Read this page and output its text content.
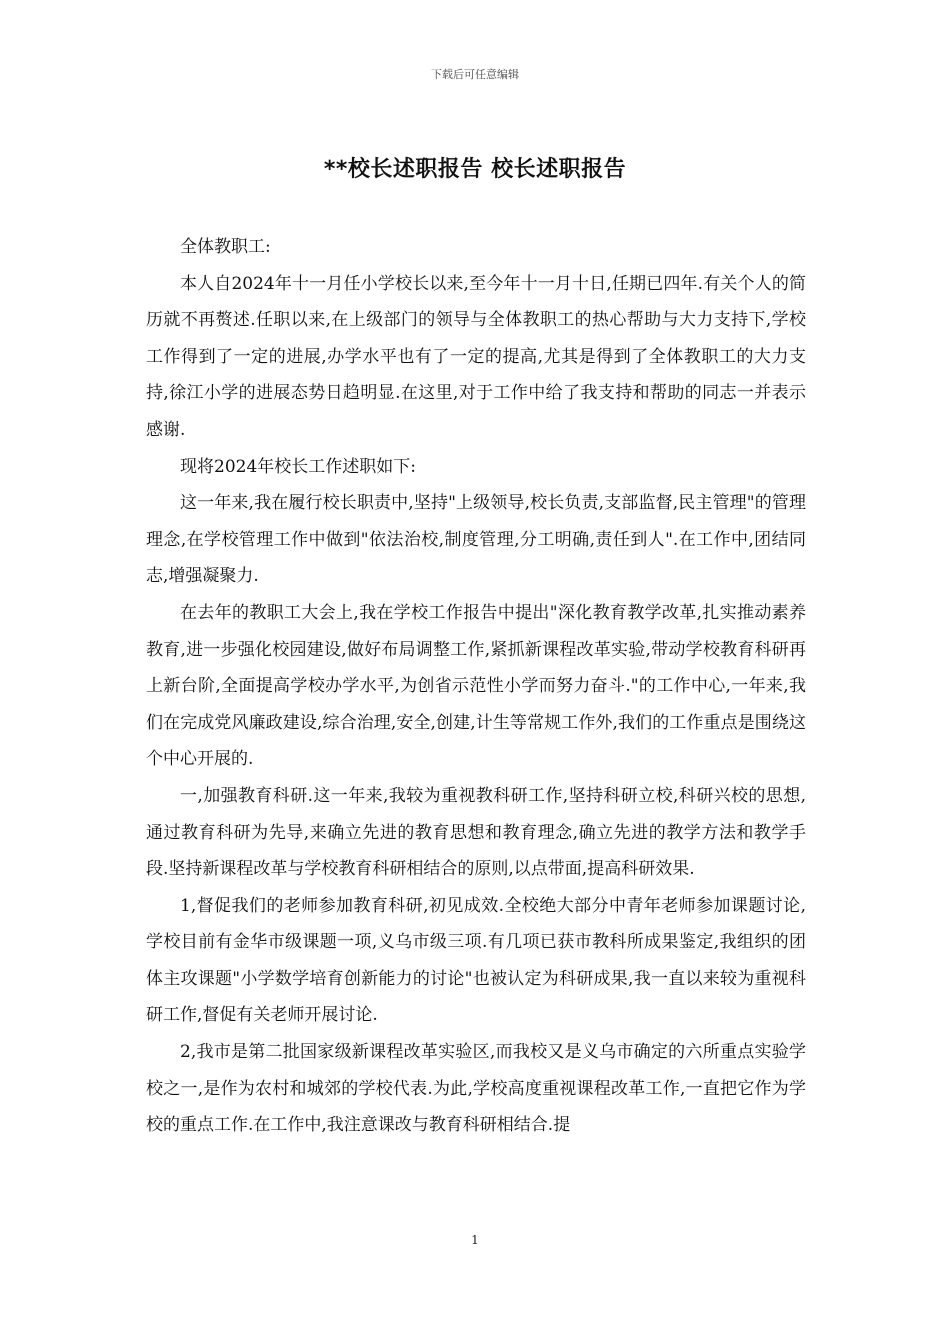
下载后可任意编辑
**校长述职报告 校长述职报告

全体教职工:

本人自2024年十一月任小学校长以来,至今年十一月十日,任期已四年.有关个人的简历就不再赘述.任职以来,在上级部门的领导与全体教职工的热心帮助与大力支持下,学校工作得到了一定的进展,办学水平也有了一定的提高,尤其是得到了全体教职工的大力支持,徐江小学的进展态势日趋明显.在这里,对于工作中给了我支持和帮助的同志一并表示感谢.

现将2024年校长工作述职如下:

这一年来,我在履行校长职责中,坚持"上级领导,校长负责,支部监督,民主管理"的管理理念,在学校管理工作中做到"依法治校,制度管理,分工明确,责任到人".在工作中,团结同志,增强凝聚力.

在去年的教职工大会上,我在学校工作报告中提出"深化教育教学改革,扎实推动素养教育,进一步强化校园建设,做好布局调整工作,紧抓新课程改革实验,带动学校教育科研再上新台阶,全面提高学校办学水平,为创省示范性小学而努力奋斗."的工作中心,一年来,我们在完成党风廉政建设,综合治理,安全,创建,计生等常规工作外,我们的工作重点是围绕这个中心开展的.

一,加强教育科研.这一年来,我较为重视教科研工作,坚持科研立校,科研兴校的思想,通过教育科研为先导,来确立先进的教育思想和教育理念,确立先进的教学方法和教学手段.坚持新课程改革与学校教育科研相结合的原则,以点带面,提高科研效果.

1,督促我们的老师参加教育科研,初见成效.全校绝大部分中青年老师参加课题讨论,学校目前有金华市级课题一项,义乌市级三项.有几项已获市教科所成果鉴定,我组织的团体主攻课题"小学数学培育创新能力的讨论"也被认定为科研成果,我一直以来较为重视科研工作,督促有关老师开展讨论.

2,我市是第二批国家级新课程改革实验区,而我校又是义乌市确定的六所重点实验学校之一,是作为农村和城郊的学校代表.为此,学校高度重视课程改革工作,一直把它作为学校的重点工作.在工作中,我注意课改与教育科研相结合.提

1
